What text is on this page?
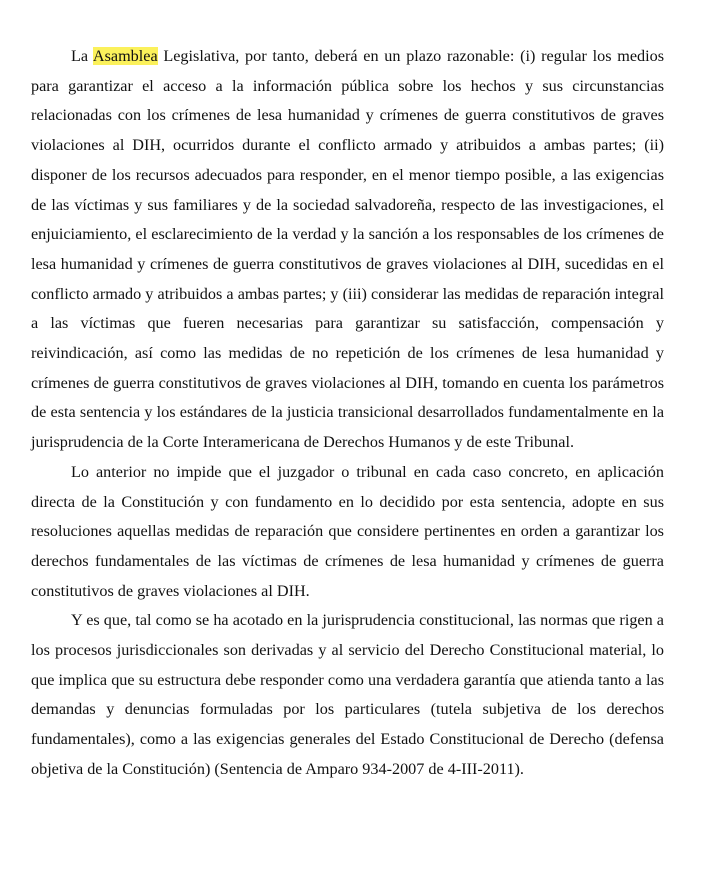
La Asamblea Legislativa, por tanto, deberá en un plazo razonable: (i) regular los medios para garantizar el acceso a la información pública sobre los hechos y sus circunstancias relacionadas con los crímenes de lesa humanidad y crímenes de guerra constitutivos de graves violaciones al DIH, ocurridos durante el conflicto armado y atribuidos a ambas partes; (ii) disponer de los recursos adecuados para responder, en el menor tiempo posible, a las exigencias de las víctimas y sus familiares y de la sociedad salvadoreña, respecto de las investigaciones, el enjuiciamiento, el esclarecimiento de la verdad y la sanción a los responsables de los crímenes de lesa humanidad y crímenes de guerra constitutivos de graves violaciones al DIH, sucedidas en el conflicto armado y atribuidos a ambas partes; y (iii) considerar las medidas de reparación integral a las víctimas que fueren necesarias para garantizar su satisfacción, compensación y reivindicación, así como las medidas de no repetición de los crímenes de lesa humanidad y crímenes de guerra constitutivos de graves violaciones al DIH, tomando en cuenta los parámetros de esta sentencia y los estándares de la justicia transicional desarrollados fundamentalmente en la jurisprudencia de la Corte Interamericana de Derechos Humanos y de este Tribunal.

Lo anterior no impide que el juzgador o tribunal en cada caso concreto, en aplicación directa de la Constitución y con fundamento en lo decidido por esta sentencia, adopte en sus resoluciones aquellas medidas de reparación que considere pertinentes en orden a garantizar los derechos fundamentales de las víctimas de crímenes de lesa humanidad y crímenes de guerra constitutivos de graves violaciones al DIH.

Y es que, tal como se ha acotado en la jurisprudencia constitucional, las normas que rigen a los procesos jurisdiccionales son derivadas y al servicio del Derecho Constitucional material, lo que implica que su estructura debe responder como una verdadera garantía que atienda tanto a las demandas y denuncias formuladas por los particulares (tutela subjetiva de los derechos fundamentales), como a las exigencias generales del Estado Constitucional de Derecho (defensa objetiva de la Constitución) (Sentencia de Amparo 934-2007 de 4-III-2011).
